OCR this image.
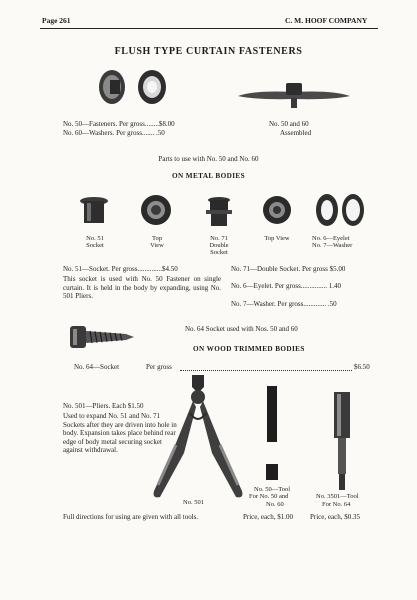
Page 261	C. M. HOOF COMPANY
FLUSH TYPE CURTAIN FASTENERS
No. 50—Fasteners. Per gross........$8.00
No. 60—Washers. Per gross....... .50
No. 50 and 60
Assembled
Parts to use with No. 50 and No. 60
ON METAL BODIES
No. 51
Socket
Top
View
No. 71
Double
Socket
Top View	No. 6—Eyelet
No. 7—Washer
No. 51—Socket. Per gross..............$4.50
This socket is used with No. 50 Fastener on single curtain. It is held in the body by expanding, using No. 501 Pliers.
No. 71—Double Socket. Per gross $5.00
No. 6—Eyelet. Per gross............... 1.40
No. 7—Washer. Per gross............. .50
No. 64 Socket used with Nos. 50 and 60
ON WOOD TRIMMED BODIES
No. 64—Socket	Per gross	$6.50
No. 501—Pliers. Each $1.50
Used to expand No. 51 and No. 71 Sockets after they are driven into hole in body. Expansion takes place behind rear edge of body metal securing socket against withdrawal.
No. 501
No. 50—Tool
For No. 50 and
No. 60
No. 3501—Tool
For No. 64
Full directions for using are given with all tools.	Price, each, $1.00 Price, each, $0.35
